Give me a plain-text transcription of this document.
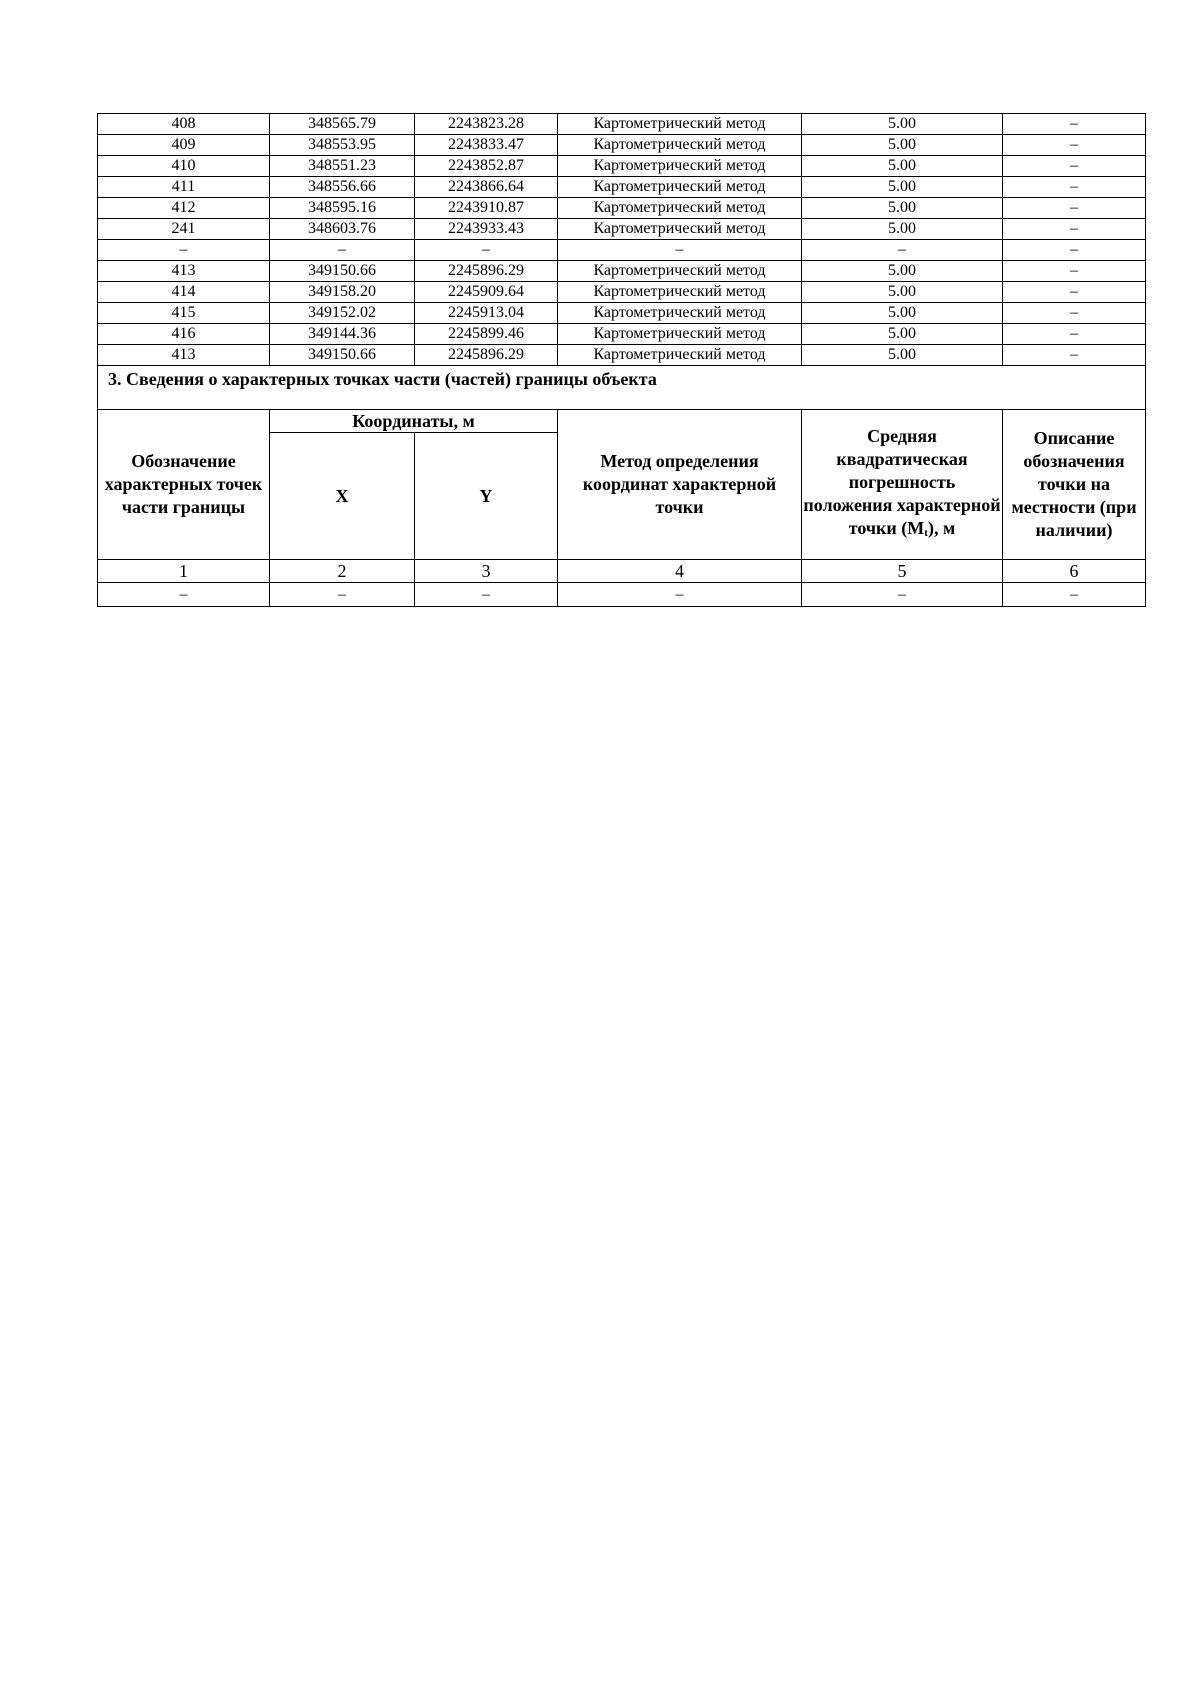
408	348565.79	2243823.28	Картометрический метод	5.00	–
409	348553.95	2243833.47	Картометрический метод	5.00	–
410	348551.23	2243852.87	Картометрический метод	5.00	–
411	348556.66	2243866.64	Картометрический метод	5.00	–
412	348595.16	2243910.87	Картометрический метод	5.00	–
241	348603.76	2243933.43	Картометрический метод	5.00	–
–	–	–	–	–	–
413	349150.66	2245896.29	Картометрический метод	5.00	–
414	349158.20	2245909.64	Картометрический метод	5.00	–
415	349152.02	2245913.04	Картометрический метод	5.00	–
416	349144.36	2245899.46	Картометрический метод	5.00	–
413	349150.66	2245896.29	Картометрический метод	5.00	–
3. Сведения о характерных точках части (частей) границы объекта					
Обозначение характерных точек части границы	Координаты, м		Метод определения координат характерной точки	Средняя квадратическая погрешность положения характерной точки $(M_t)$, м	Описание обозначения точки на местности (при наличии)
	X	Y			
1	2	3	4	5	6
–	–	–	–	–	–
